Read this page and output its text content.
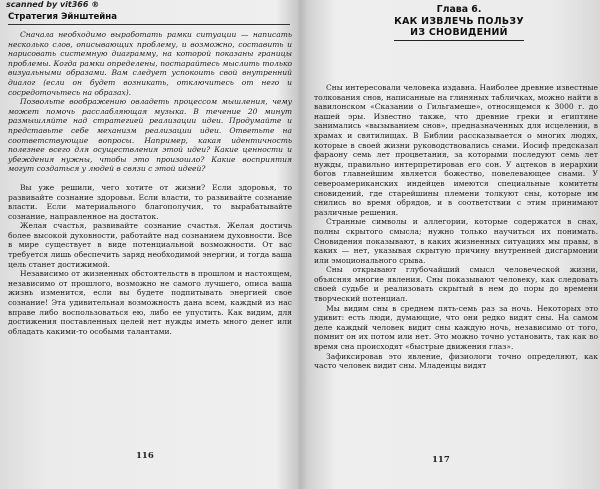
scanned by vit366 ®
Стратегия Эйнштейна

Сначала необходимо выработать рамки ситуации — написать несколько слов, описывающих проблему, и возможно, составить и нарисовать системную диаграмму, на которой показаны границы проблемы. Когда рамки определены, постарайтесь мыслить только визуальными образами. Вам следует успокоить свой внутренний диалог (если он будет возникать, отключитесь от него и сосредоточьтесь на образах).

Позвольте воображению овладеть процессом мышления, чему может помочь расслабляющая музыка. В течение 20 минут размышляйте над стратегией реализации идеи. Продумайте и представьте себе механизм реализации идеи. Ответьте на соответствующие вопросы. Например, какая идентичность полезнее всего для осуществления этой идеи? Какие ценности и убеждения нужны, чтобы это произошло? Какие восприятия могут создаться у людей в связи с этой идеей?

Вы уже решили, чего хотите от жизни? Если здоровья, то развивайте сознание здоровья. Если власти, то развивайте сознание власти. Если материального благополучия, то вырабатывайте сознание, направленное на достаток.

Желая счастья, развивайте сознание счастья. Желая достичь более высокой духовности, работайте над сознанием духовности. Все в мире существует в виде потенциальной возможности. От вас требуется лишь обеспечить заряд необходимой энергии, и тогда ваша цель станет достижимой.

Независимо от жизненных обстоятельств в прошлом и настоящем, независимо от прошлого, возможно не самого лучшего, описа ваша жизнь изменится, если вы будете подпитывать энергией свое сознание! Эта удивительная возможность дана всем, каждый из нас вправе либо воспользоваться ею, либо ее упустить. Как видим, для достижения поставленных целей нет нужды иметь много денег или обладать какими-то особыми талантами.

116
Глава 6.
КАК ИЗВЛЕЧЬ ПОЛЬЗУ
ИЗ СНОВИДЕНИЙ

Сны интересовали человека издавна. Наиболее древние известные толкования снов, написанные на глиняных табличках, можно найти в вавилонском «Сказании о Гильгамеше», относящемся к 3000 г. до нашей эры. Известно также, что древние греки и египтяне занимались «вызыванием снов», предназначенных для исцеления, в храмах и святилищах. В Библии рассказывается о многих людях, которые в своей жизни руководствовались снами. Иосиф предсказал фараону семь лет процветания, за которыми последуют семь лет нужды, правильно интерпретировав его сон. У ацтеков в иерархии богов главнейшим является божество, повелевающее снами. У североамериканских индейцев имеются специальные комитеты сновидений, где старейшины племени толкуют сны, которые им снились во время обрядов, и в соответствии с этим принимают различные решения.

Странные символы и аллегории, которые содержатся в снах, полны скрытого смысла; нужно только научиться их понимать. Сновидения показывают, в каких жизненных ситуациях мы правы, в каких — нет, указывая скрытую причину внутренней дисгармонии или эмоционального срыва.

Сны открывают глубочайший смысл человеческой жизни, объясняя многие явления. Сны показывают человеку, как следовать своей судьбе и реализовать скрытый в нем до поры до времени творческий потенциал.

Мы видим сны в среднем пять-семь раз за ночь. Некоторых это удивит: есть люди, думающие, что они редко видят сны. На самом деле каждый человек видит сны каждую ночь, независимо от того, помнит он их потом или нет. Это можно точно установить, так как во время сна происходят «быстрые движения глаз».

Зафиксировав это явление, физиологи точно определяют, как часто человек видит сны. Младенцы видят

117
